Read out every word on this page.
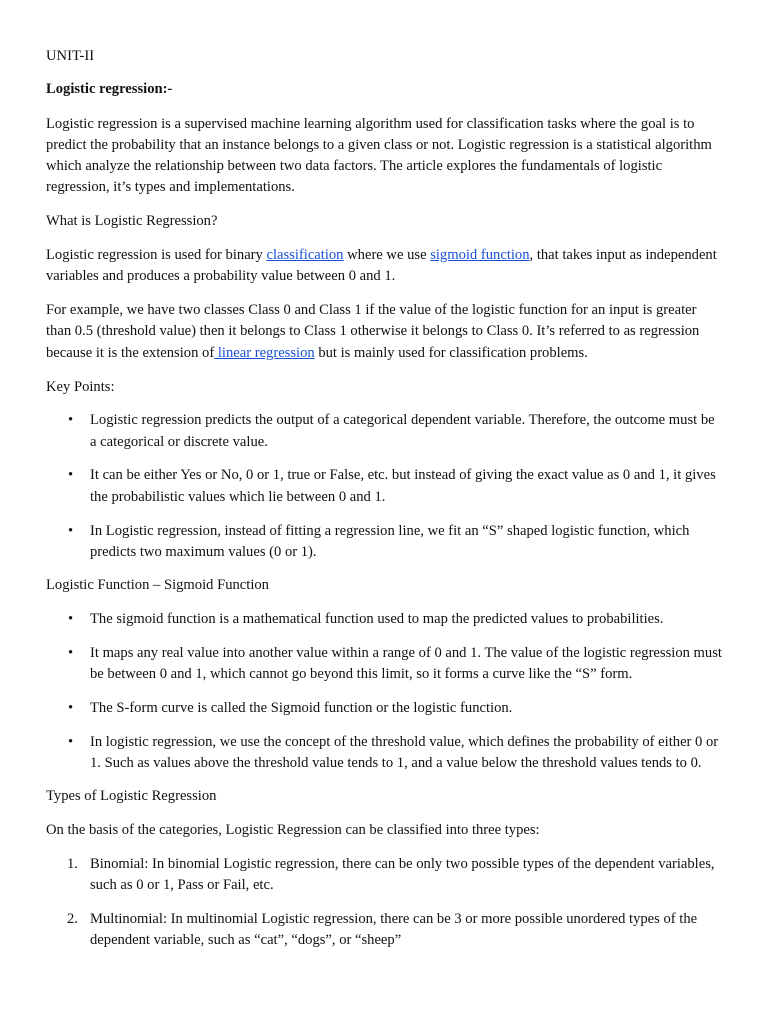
UNIT-II

Logistic regression:-

Logistic regression is a supervised machine learning algorithm used for classification tasks where the goal is to predict the probability that an instance belongs to a given class or not. Logistic regression is a statistical algorithm which analyze the relationship between two data factors. The article explores the fundamentals of logistic regression, it’s types and implementations.

What is Logistic Regression?

Logistic regression is used for binary classification where we use sigmoid function, that takes input as independent variables and produces a probability value between 0 and 1.

For example, we have two classes Class 0 and Class 1 if the value of the logistic function for an input is greater than 0.5 (threshold value) then it belongs to Class 1 otherwise it belongs to Class 0. It’s referred to as regression because it is the extension of linear regression but is mainly used for classification problems.

Key Points:

• Logistic regression predicts the output of a categorical dependent variable. Therefore, the outcome must be a categorical or discrete value.
• It can be either Yes or No, 0 or 1, true or False, etc. but instead of giving the exact value as 0 and 1, it gives the probabilistic values which lie between 0 and 1.
• In Logistic regression, instead of fitting a regression line, we fit an “S” shaped logistic function, which predicts two maximum values (0 or 1).

Logistic Function – Sigmoid Function

• The sigmoid function is a mathematical function used to map the predicted values to probabilities.
• It maps any real value into another value within a range of 0 and 1. The value of the logistic regression must be between 0 and 1, which cannot go beyond this limit, so it forms a curve like the “S” form.
• The S-form curve is called the Sigmoid function or the logistic function.
• In logistic regression, we use the concept of the threshold value, which defines the probability of either 0 or 1. Such as values above the threshold value tends to 1, and a value below the threshold values tends to 0.

Types of Logistic Regression

On the basis of the categories, Logistic Regression can be classified into three types:

1. Binomial: In binomial Logistic regression, there can be only two possible types of the dependent variables, such as 0 or 1, Pass or Fail, etc.
2. Multinomial: In multinomial Logistic regression, there can be 3 or more possible unordered types of the dependent variable, such as “cat”, “dogs”, or “sheep”
